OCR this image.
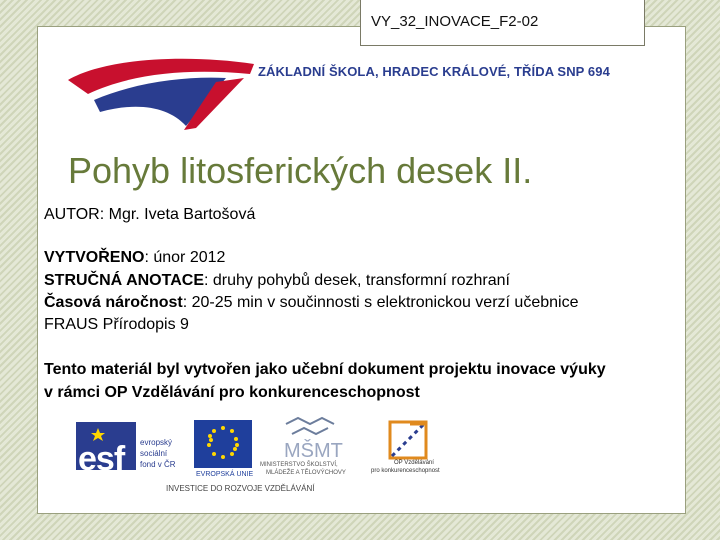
VY_32_INOVACE_F2-02
ZÁKLADNÍ ŠKOLA, HRADEC KRÁLOVÉ, TŘÍDA SNP 694
Pohyb litosferických desek II.
AUTOR: Mgr. Iveta Bartošová
VYTVOŘENO: únor 2012
STRUČNÁ ANOTACE: druhy pohybů desek, transformní rozhraní
Časová náročnost: 20-25 min v součinnosti s elektronickou verzí učebnice
FRAUS Přírodopis 9
Tento materiál byl vytvořen jako učební dokument projektu inovace výuky
v rámci OP Vzdělávání pro konkurenceschopnost
esf evropský
sociální
fond v ČR
EVROPSKÁ UNIE
MŠMT
MINISTERSTVO ŠKOLSTVÍ,
MLÁDEŽE A TĚLOVÝCHOVY
OP Vzdělávání
pro konkurenceschopnost
INVESTICE DO ROZVOJE VZDĚLÁVÁNÍ
